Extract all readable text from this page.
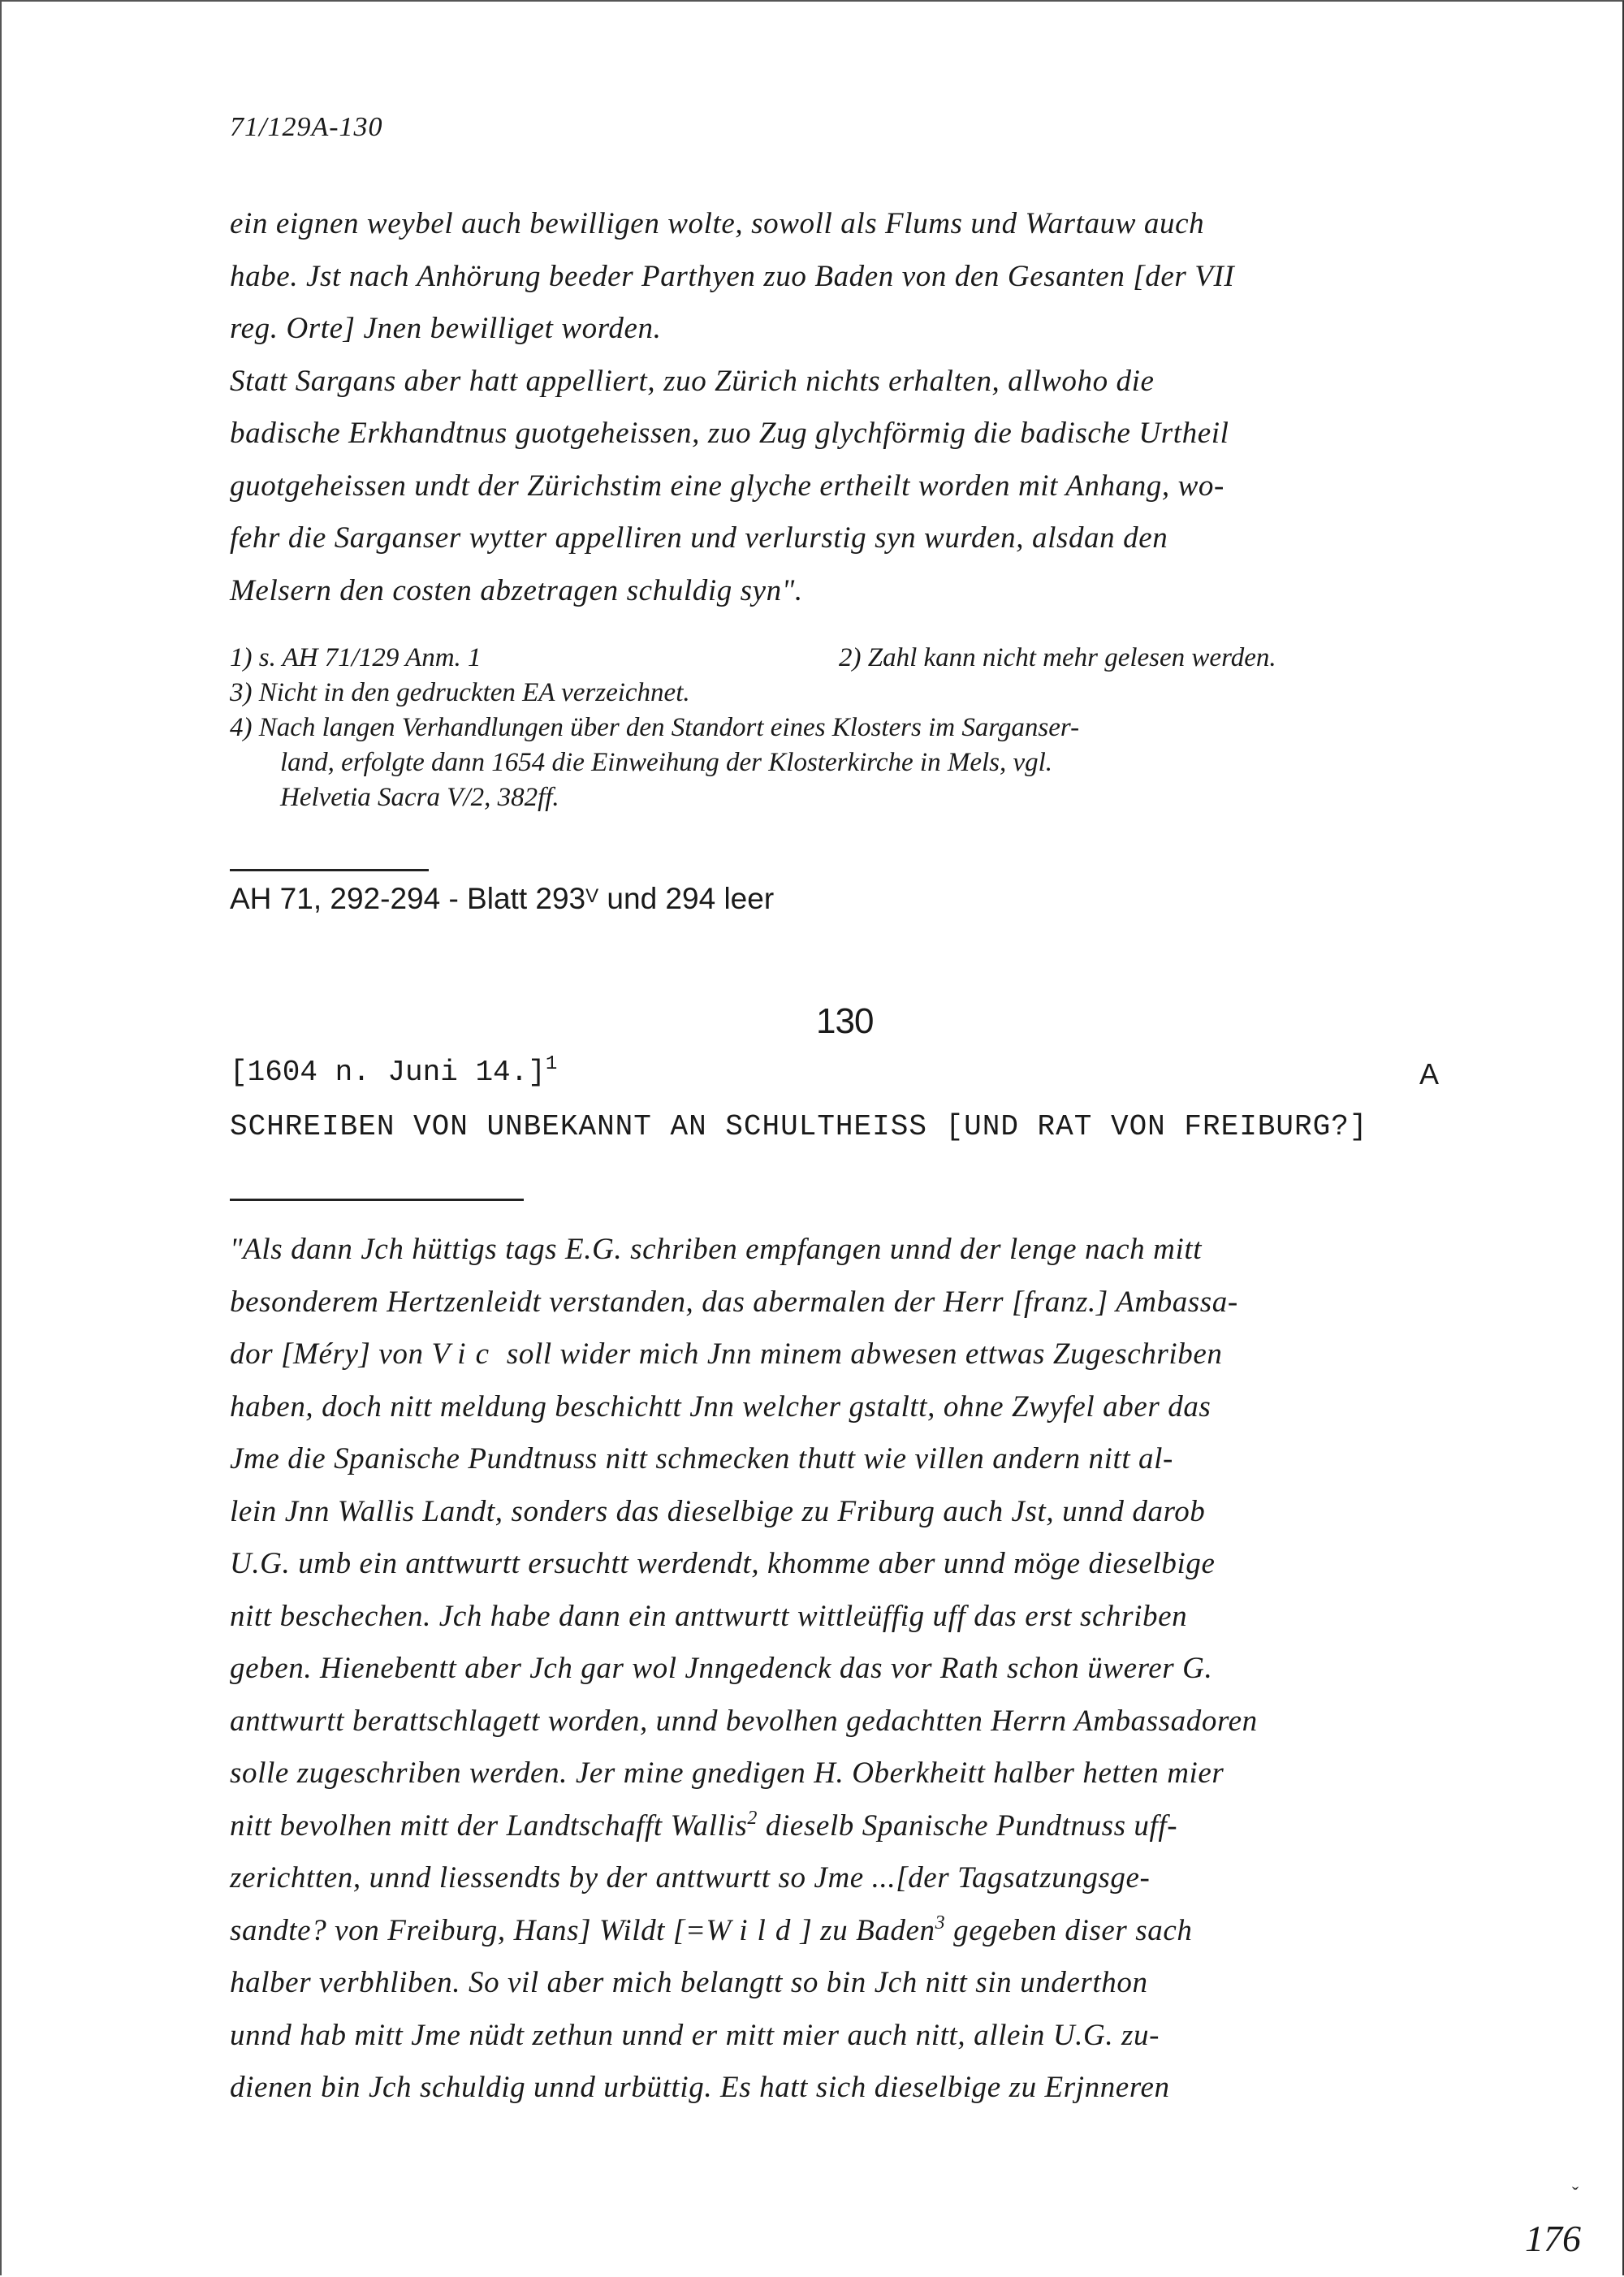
71/129A-130
ein eignen weybel auch bewilligen wolte, sowoll als Flums und Wartauw auch
habe. Jst nach Anhörung beeder Parthyen zuo Baden von den Gesanten [der VII
reg. Orte] Jnen bewilliget worden.
Statt Sargans aber hatt appelliert, zuo Zürich nichts erhalten, allwoho die
badische Erkhandtnus guotgeheissen, zuo Zug glychförmig die badische Urtheil
guotgeheissen undt der Zürichstim eine glyche ertheilt worden mit Anhang, wo-
fehr die Sarganser wytter appelliren und verlurstig syn wurden, alsdan den
Melsern den costen abzetragen schuldig syn".
1) s. AH 71/129 Anm. 1	2) Zahl kann nicht mehr gelesen werden.
3) Nicht in den gedruckten EA verzeichnet.
4) Nach langen Verhandlungen über den Standort eines Klosters im Sarganser-
land, erfolgte dann 1654 die Einweihung der Klosterkirche in Mels, vgl.
Helvetia Sacra V/2, 382ff.
AH 71, 292-294 - Blatt $293^V$ und 294 leer
130
[1604 n. Juni 14.]$^1$	A
SCHREIBEN VON UNBEKANNT AN SCHULTHEISS [UND RAT VON FREIBURG?]
"Als dann Jch hüttigs tags E.G. schriben empfangen unnd der lenge nach mitt
besonderem Hertzenleidt verstanden, das abermalen der Herr [franz.] Ambassa-
dor [Méry] von Vic soll wider mich Jnn minem abwesen ettwas Zugeschriben
haben, doch nitt meldung beschichtt Jnn welcher gstaltt, ohne Zwyfel aber das
Jme die Spanische Pundtnuss nitt schmecken thutt wie villen andern nitt al-
lein Jnn Wallis Landt, sonders das dieselbige zu Friburg auch Jst, unnd darob
U.G. umb ein anttwurtt ersuchtt werdendt, khomme aber unnd möge dieselbige
nitt beschechen. Jch habe dann ein anttwurtt wittleüffig uff das erst schriben
geben. Hienebentt aber Jch gar wol Jnngedenck das vor Rath schon üwerer G.
anttwurtt berattschlagett worden, unnd bevolhen gedachtten Herrn Ambassadoren
solle zugeschriben werden. Jer mine gnedigen H. Oberkheitt halber hetten mier
nitt bevolhen mitt der Landtschafft Wallis$^2$ dieselb Spanische Pundtnuss uff-
zerichtten, unnd liessendts by der anttwurtt so Jme ...[der Tagsatzungsge-
sandte? von Freiburg, Hans] Wildt [=Wild] zu Baden$^3$ gegeben diser sach
halber verbhliben. So vil aber mich belangtt so bin Jch nitt sin underthon
unnd hab mitt Jme nüdt zethun unnd er mitt mier auch nitt, allein U.G. zu-
dienen bin Jch schuldig unnd urbüttig. Es hatt sich dieselbige zu Erjnneren
ˇ
176
